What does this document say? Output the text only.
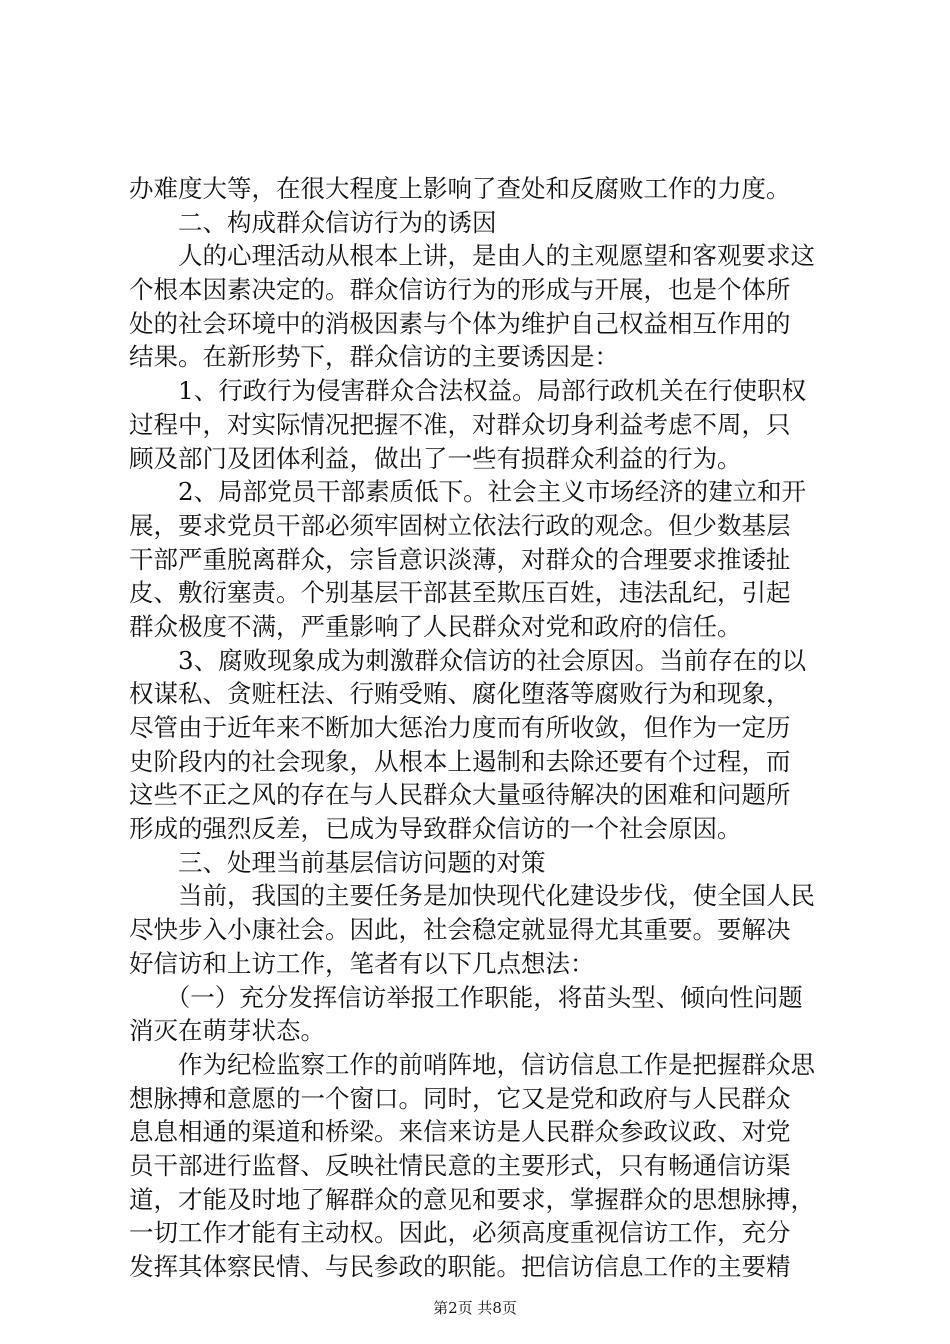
办难度大等，在很大程度上影响了查处和反腐败工作的力度。
　　二、构成群众信访行为的诱因
　　人的心理活动从根本上讲，是由人的主观愿望和客观要求这
个根本因素决定的。群众信访行为的形成与开展，也是个体所
处的社会环境中的消极因素与个体为维护自己权益相互作用的
结果。在新形势下，群众信访的主要诱因是：
　　1、行政行为侵害群众合法权益。局部行政机关在行使职权
过程中，对实际情况把握不准，对群众切身利益考虑不周，只
顾及部门及团体利益，做出了一些有损群众利益的行为。
　　2、局部党员干部素质低下。社会主义市场经济的建立和开
展，要求党员干部必须牢固树立依法行政的观念。但少数基层
干部严重脱离群众，宗旨意识淡薄，对群众的合理要求推诿扯
皮、敷衍塞责。个别基层干部甚至欺压百姓，违法乱纪，引起
群众极度不满，严重影响了人民群众对党和政府的信任。
　　3、腐败现象成为刺激群众信访的社会原因。当前存在的以
权谋私、贪赃枉法、行贿受贿、腐化堕落等腐败行为和现象，
尽管由于近年来不断加大惩治力度而有所收敛，但作为一定历
史阶段内的社会现象，从根本上遏制和去除还要有个过程，而
这些不正之风的存在与人民群众大量亟待解决的困难和问题所
形成的强烈反差，已成为导致群众信访的一个社会原因。
　　三、处理当前基层信访问题的对策
　　当前，我国的主要任务是加快现代化建设步伐，使全国人民
尽快步入小康社会。因此，社会稳定就显得尤其重要。要解决
好信访和上访工作，笔者有以下几点想法：
　　（一）充分发挥信访举报工作职能，将苗头型、倾向性问题
消灭在萌芽状态。
　　作为纪检监察工作的前哨阵地，信访信息工作是把握群众思
想脉搏和意愿的一个窗口。同时，它又是党和政府与人民群众
息息相通的渠道和桥梁。来信来访是人民群众参政议政、对党
员干部进行监督、反映社情民意的主要形式，只有畅通信访渠
道，才能及时地了解群众的意见和要求，掌握群众的思想脉搏，
一切工作才能有主动权。因此，必须高度重视信访工作，充分
发挥其体察民情、与民参政的职能。把信访信息工作的主要精
第2页 共8页
